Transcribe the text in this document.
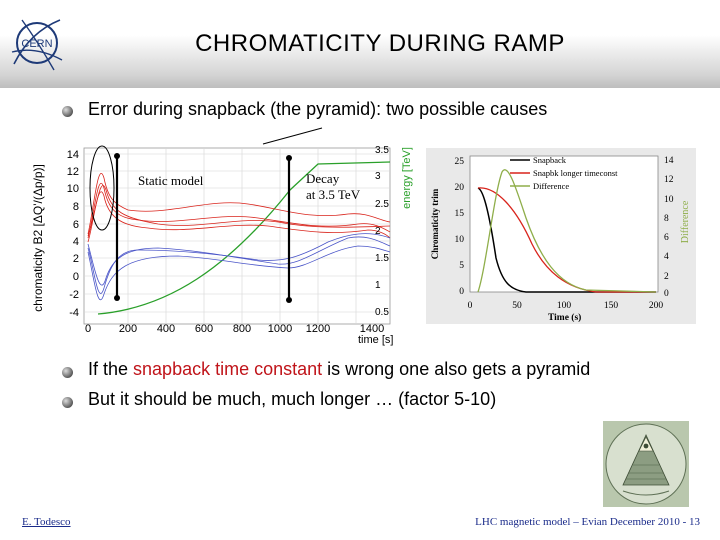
CERN	CHROMATICITY DURING RAMP
Error during snapback (the pyramid): two possible causes
14
12
10
8
6
4
2
0
-2
-4
0	200 400 600 800 1000 1200	1400
time [s]
3.5
3
2.5
2
1.5
1
0.5
chromaticity B2 [ΔQ'/(Δp/p)]	energy [TeV]
Static model	Decay
at 3.5 TeV
25
20
15
10
5
0
0	50	100	150	200
14
12
10
8
6
4
2
0
Snapback
Snapbk longer timeconst
Difference
Time (s)
Chromaticity trim	Difference
If the snapback time constant is wrong one also gets a pyramid
But it should be much, much longer … (factor 5-10)
E. Todesco	LHC magnetic model – Evian December 2010 - 13
